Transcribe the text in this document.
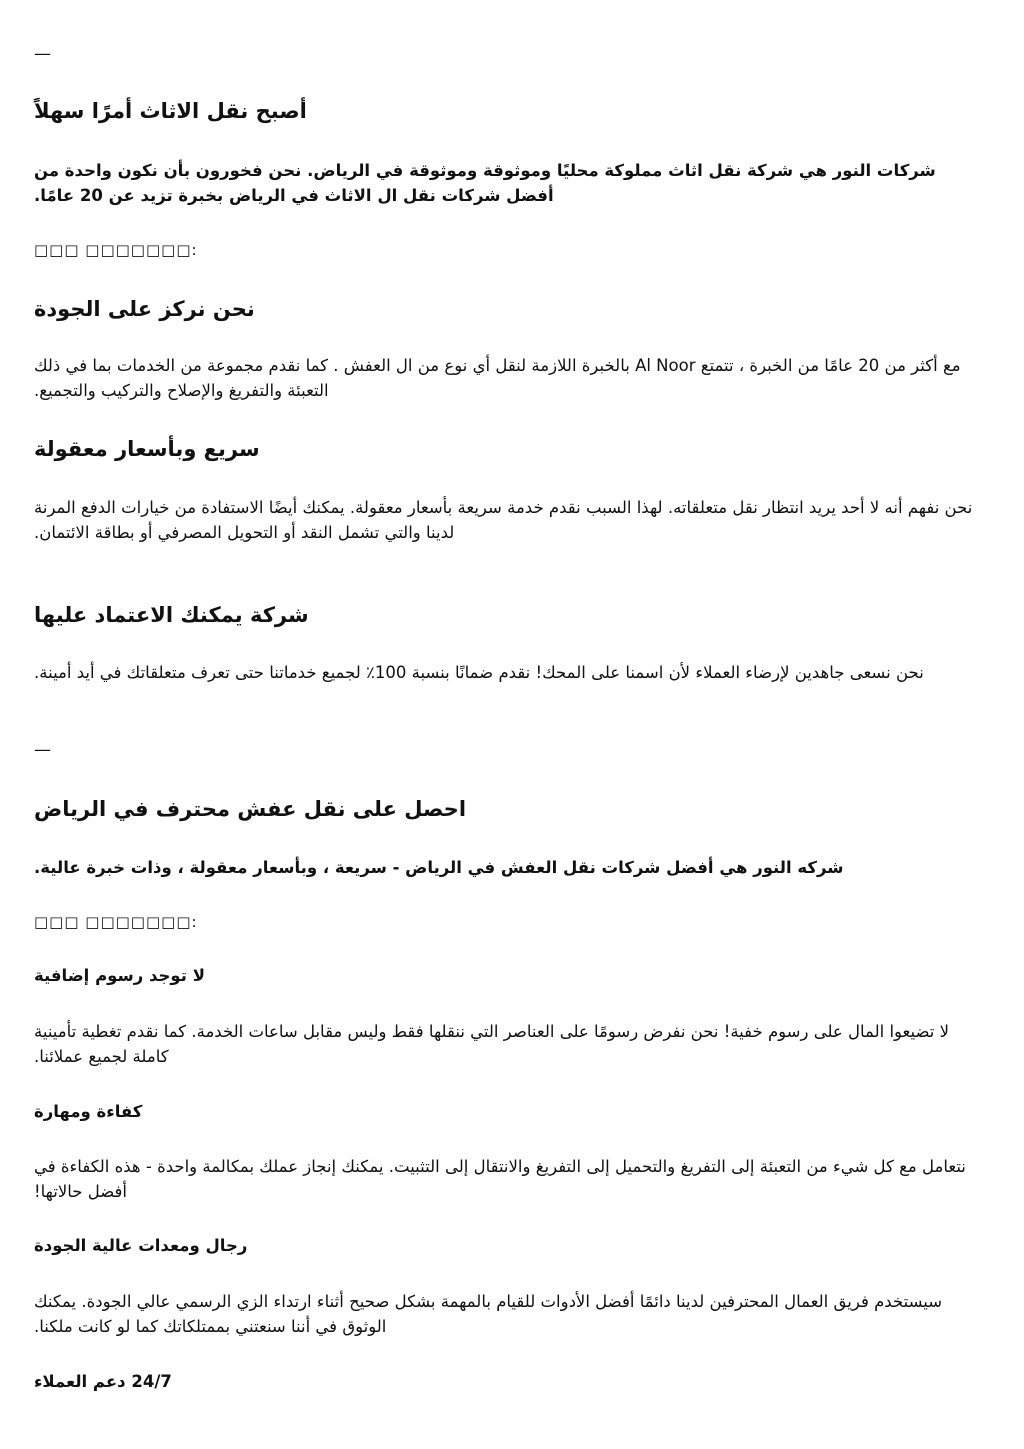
—
أصبح نقل الاثاث أمرًا سهلاً
شركات النور هي شركة نقل اثاث مملوكة محليًا وموثوقة وموثوقة في الرياض. نحن فخورون بأن نكون واحدة من أفضل شركات نقل ال الاثاث في الرياض بخبرة تزيد عن 20 عامًا.
□□□ □□□□□□□:
نحن نركز على الجودة
مع أكثر من 20 عامًا من الخبرة ، تتمتع Al Noor بالخبرة اللازمة لنقل أي نوع من ال العفش . كما نقدم مجموعة من الخدمات بما في ذلك التعبئة والتفريغ والإصلاح والتركيب والتجميع.
سريع وبأسعار معقولة
نحن نفهم أنه لا أحد يريد انتظار نقل متعلقاته. لهذا السبب نقدم خدمة سريعة بأسعار معقولة. يمكنك أيضًا الاستفادة من خيارات الدفع المرنة لدينا والتي تشمل النقد أو التحويل المصرفي أو بطاقة الائتمان.
شركة يمكنك الاعتماد عليها
نحن نسعى جاهدين لإرضاء العملاء لأن اسمنا على المحك! نقدم ضمانًا بنسبة 100٪ لجميع خدماتنا حتى تعرف متعلقاتك في أيد أمينة.
—
احصل على نقل عفش محترف في الرياض
شركه النور هي أفضل شركات نقل العفش في الرياض - سريعة ، وبأسعار معقولة ، وذات خبرة عالية.
□□□ □□□□□□□:
لا توجد رسوم إضافية
لا تضيعوا المال على رسوم خفية! نحن نفرض رسومًا على العناصر التي ننقلها فقط وليس مقابل ساعات الخدمة. كما نقدم تغطية تأمينية كاملة لجميع عملائنا.
كفاءة ومهارة
نتعامل مع كل شيء من التعبئة إلى التفريغ والتحميل إلى التفريغ والانتقال إلى التثبيت. يمكنك إنجاز عملك بمكالمة واحدة - هذه الكفاءة في أفضل حالاتها!
رجال ومعدات عالية الجودة
سيستخدم فريق العمال المحترفين لدينا دائمًا أفضل الأدوات للقيام بالمهمة بشكل صحيح أثناء ارتداء الزي الرسمي عالي الجودة. يمكنك الوثوق في أننا سنعتني بممتلكاتك كما لو كانت ملكنا.
24/7 دعم العملاء
